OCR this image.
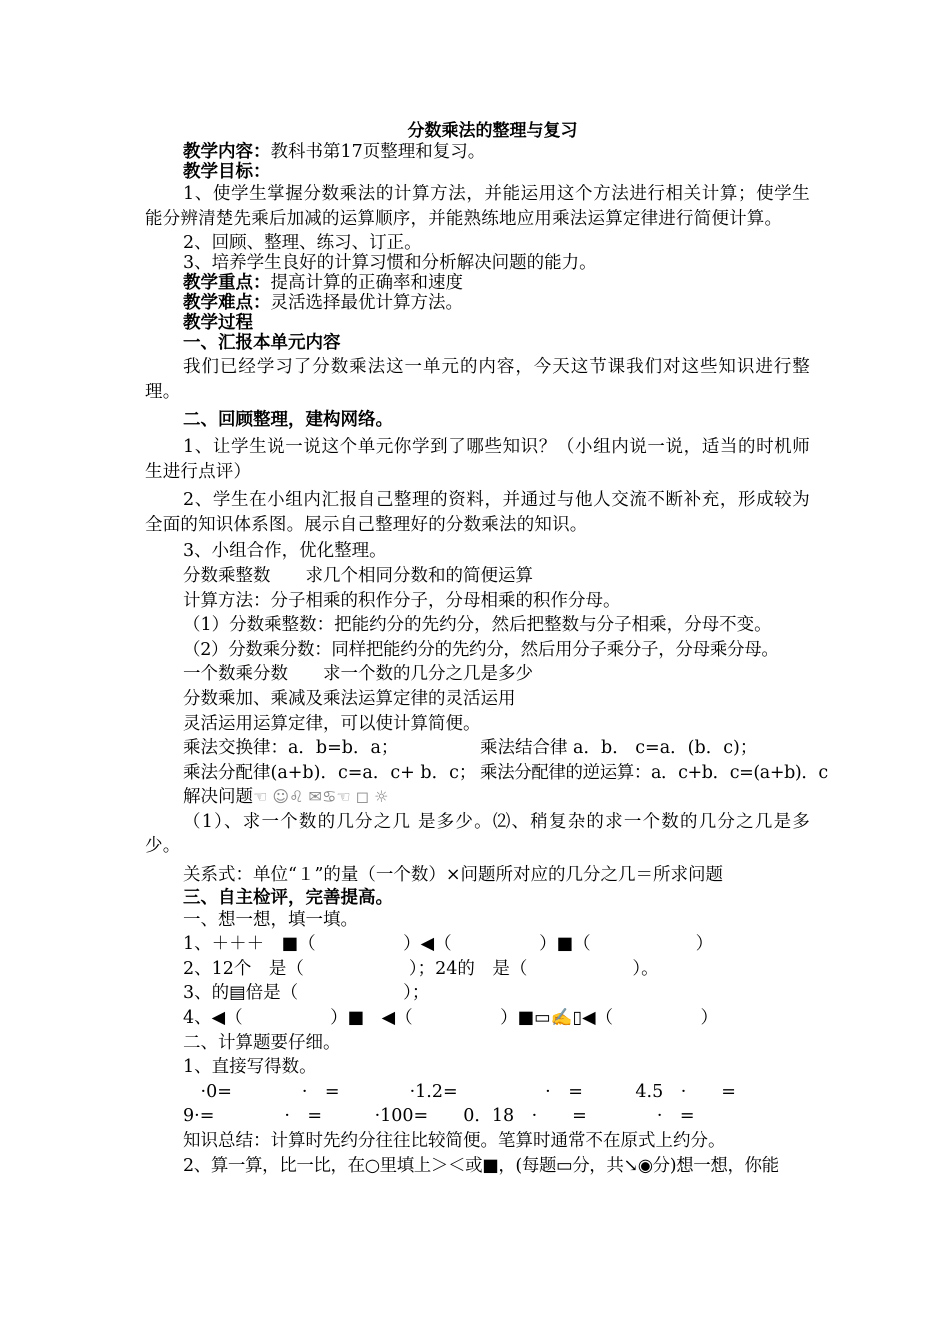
分数乘法的整理与复习
教学内容：教科书第17页整理和复习。
教学目标：
1、使学生掌握分数乘法的计算方法，并能运用这个方法进行相关计算；使学生能分辨清楚先乘后加减的运算顺序，并能熟练地应用乘法运算定律进行简便计算。
2、回顾、整理、练习、订正。
3、培养学生良好的计算习惯和分析解决问题的能力。
教学重点：提高计算的正确率和速度
教学难点：灵活选择最优计算方法。
教学过程
一、汇报本单元内容
我们已经学习了分数乘法这一单元的内容，今天这节课我们对这些知识进行整理。
二、回顾整理，建构网络。
1、让学生说一说这个单元你学到了哪些知识？（小组内说一说，适当的时机师生进行点评）
2、学生在小组内汇报自己整理的资料，并通过与他人交流不断补充，形成较为全面的知识体系图。展示自己整理好的分数乘法的知识。
3、小组合作，优化整理。
分数乘整数　　求几个相同分数和的简便运算
计算方法：分子相乘的积作分子，分母相乘的积作分母。
（1）分数乘整数：把能约分的先约分，然后把整数与分子相乘，分母不变。
（2）分数乘分数：同样把能约分的先约分，然后用分子乘分子，分母乘分母。
一个数乘分数　　求一个数的几分之几是多少
分数乘加、乘减及乘法运算定律的灵活运用
灵活运用运算定律，可以使计算简便。
乘法交换律：a．b=b．a；	乘法结合律 a．b． c=a．(b．c)；
乘法分配律(a+b)．c=a．c+ b．c； 乘法分配律的逆运算：a．c+b．c=(a+b)．c
解决问题☜ ☺♌ ✉♋☜ ◻ ☼
（1）、求一个数的几分之几 是多少。⑵、稍复杂的求一个数的几分之几是多少。
关系式：单位“１”的量（一个数）×问题所对应的几分之几＝所求问题
三、自主检评，完善提高。
一、想一想，填一填。
1、＋＋＋　■（　　　　　）◀（　　　　　）■（　　　　　　）
2、12个　是（　　　　　　）；24的　是（　　　　　　）。
3、的▤倍是（　　　　　　）；
4、◀（　　　　　）■　◀（　　　　　）■▭✍▯◀（　　　　　）
二、计算题要仔细。
1、直接写得数。
　·0=　　　　·　=　　　　·1.2=　　　　　·　=　　　4.5　·　　=
9·=　　　　·　=　　　·100=　　0．18　·　　=　　　　·　=
知识总结：计算时先约分往往比较简便。笔算时通常不在原式上约分。
2、算一算，比一比，在○里填上＞＜或■，(每题▭分，共↘◉分)想一想，你能
